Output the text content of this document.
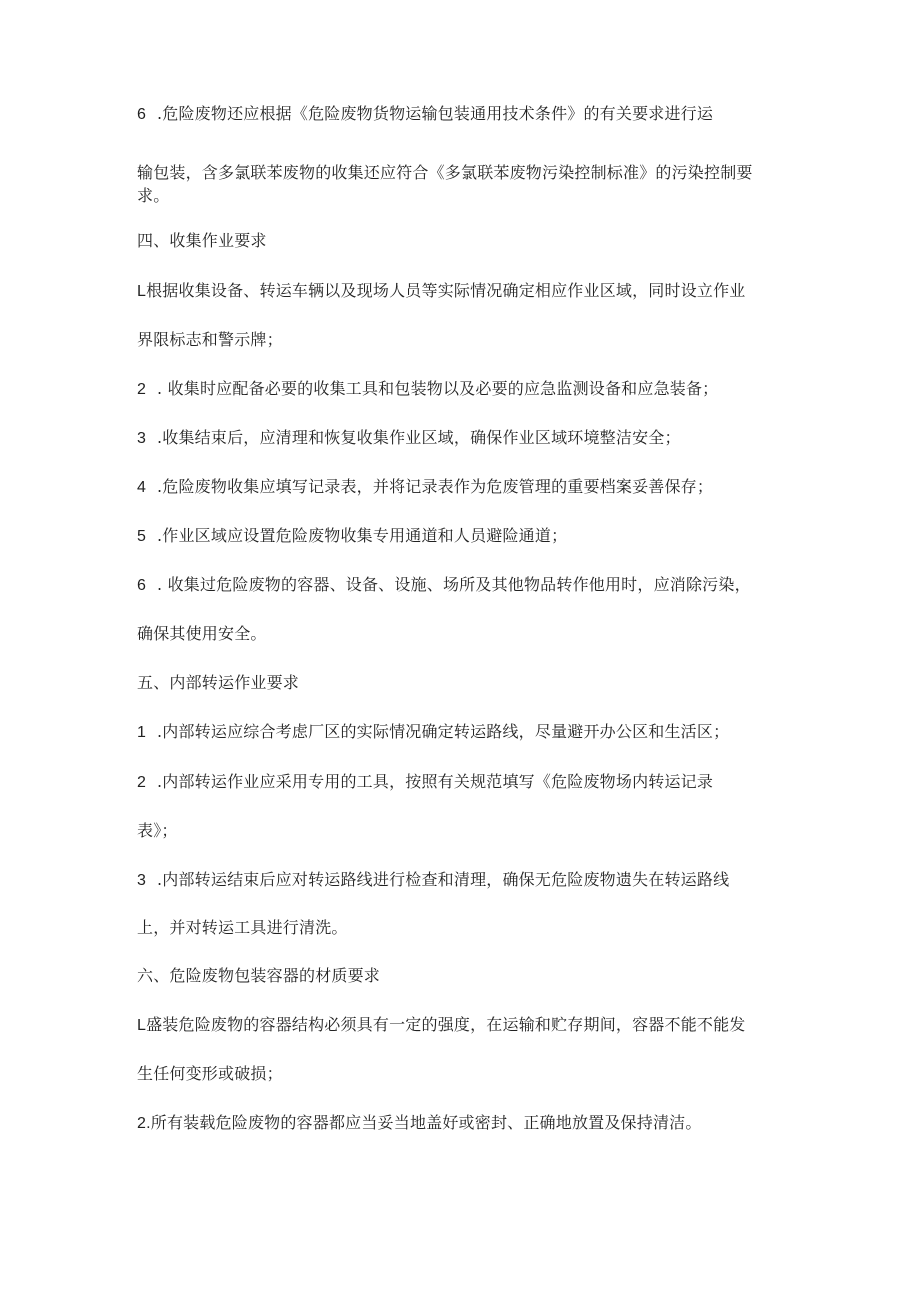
6 .危险废物还应根据《危险废物货物运输包装通用技术条件》的有关要求进行运
输包装，含多氯联苯废物的收集还应符合《多氯联苯废物污染控制标准》的污染控制要
求。
四、收集作业要求
L根据收集设备、转运车辆以及现场人员等实际情况确定相应作业区域，同时设立作业
界限标志和警示牌；
2 . 收集时应配备必要的收集工具和包装物以及必要的应急监测设备和应急装备；
3 .收集结束后，应清理和恢复收集作业区域，确保作业区域环境整洁安全；
4 .危险废物收集应填写记录表，并将记录表作为危废管理的重要档案妥善保存；
5 .作业区域应设置危险废物收集专用通道和人员避险通道；
6 . 收集过危险废物的容器、设备、设施、场所及其他物品转作他用时，应消除污染，
确保其使用安全。
五、内部转运作业要求
1 .内部转运应综合考虑厂区的实际情况确定转运路线，尽量避开办公区和生活区；
2 .内部转运作业应采用专用的工具，按照有关规范填写《危险废物场内转运记录
表》；
3 .内部转运结束后应对转运路线进行检查和清理，确保无危险废物遗失在转运路线
上，并对转运工具进行清洗。
六、危险废物包装容器的材质要求
L盛装危险废物的容器结构必须具有一定的强度，在运输和贮存期间，容器不能不能发
生任何变形或破损；
2.所有装载危险废物的容器都应当妥当地盖好或密封、正确地放置及保持清洁。
